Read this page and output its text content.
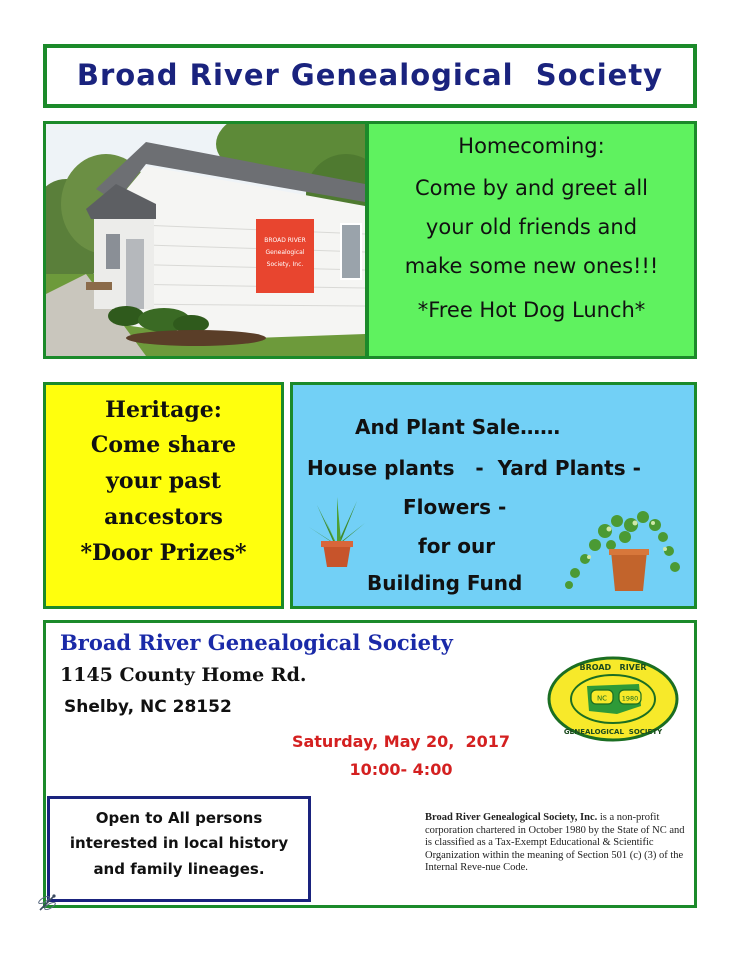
Broad River Genealogical  Society
BROAD RIVER
Genealogical
Society, Inc.
Homecoming:
Come by and greet all
your old friends and
make some new ones!!!
*Free Hot Dog Lunch*
Heritage:
Come share
your past
ancestors
*Door Prizes*
And Plant Sale……
House plants   -  Yard Plants -
Flowers -
for our
Building Fund
Broad River Genealogical Society
1145 County Home Rd.
Shelby, NC 28152
Saturday, May 20,  2017
10:00- 4:00
NC 1980
BROAD   RIVER
GENEALOGICAL  SOCIETY
Open to All persons
interested in local history
and family lineages.
Broad River Genealogical Society, Inc. is a non-profit corporation chartered in October 1980 by the State of NC and is classified as a Tax-Exempt Educational & Scientific Organization within the meaning of Section 501 (c) (3) of the Internal Reve-nue Code.
